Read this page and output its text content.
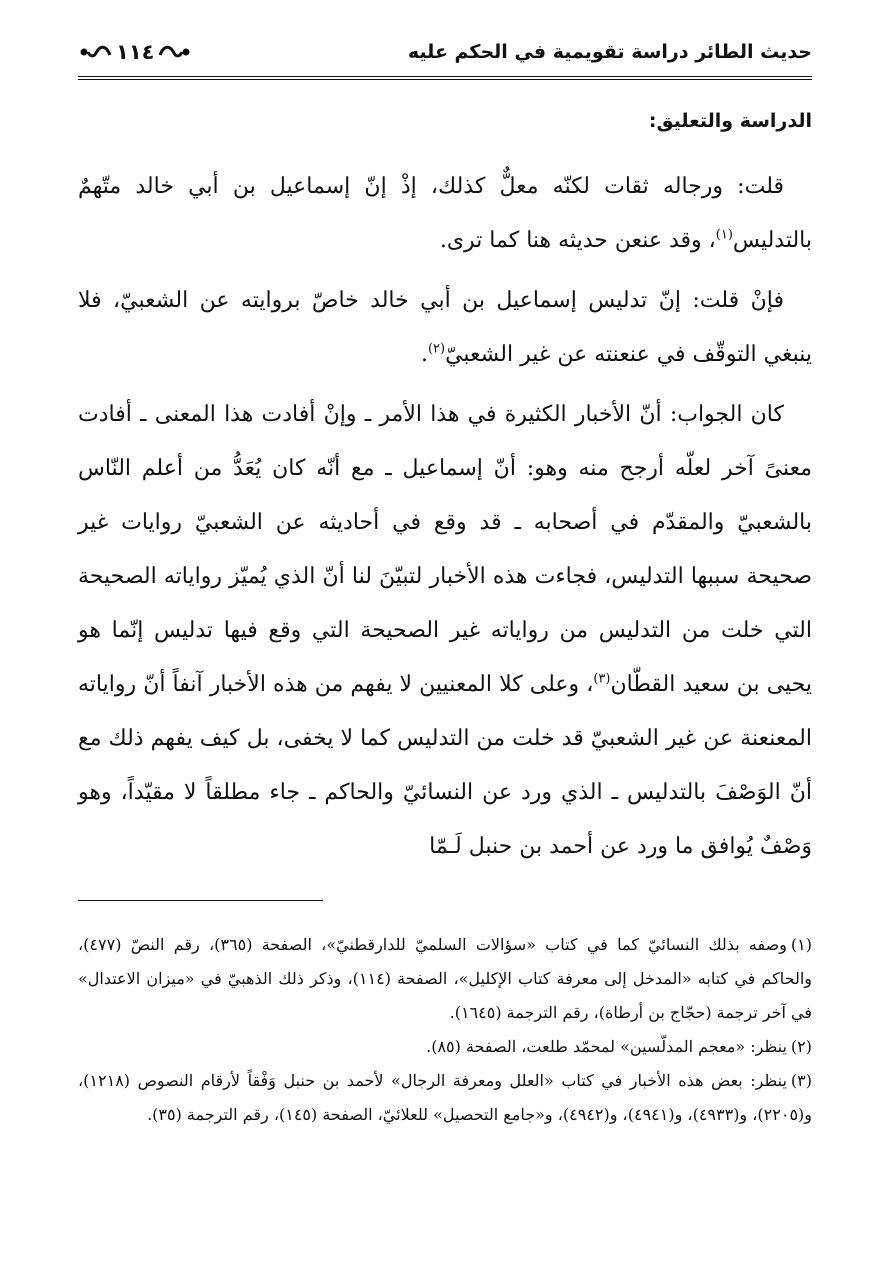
حديث الطائر دراسة تقويمية في الحكم عليه
١١٤
الدراسة والتعليق:

قلت: ورجاله ثقات لكنّه معلٌّ كذلك، إذْ إنّ إسماعيل بن أبي خالد متّهمٌ بالتدليس$^{(١)}$، وقد عنعن حديثه هنا كما ترى.

فإنْ قلت: إنّ تدليس إسماعيل بن أبي خالد خاصّ بروايته عن الشعبيّ، فلا ينبغي التوقّف في عنعنته عن غير الشعبيّ$^{(٢)}$.

كان الجواب: أنّ الأخبار الكثيرة في هذا الأمر ـ وإنْ أفادت هذا المعنى ـ أفادت معنىً آخر لعلّه أرجح منه وهو: أنّ إسماعيل ـ مع أنّه كان يُعَدُّ من أعلم النّاس بالشعبيّ والمقدّم في أصحابه ـ قد وقع في أحاديثه عن الشعبيّ روايات غير صحيحة سببها التدليس، فجاءت هذه الأخبار لتبيّنَ لنا أنّ الذي يُميّز رواياته الصحيحة التي خلت من التدليس من رواياته غير الصحيحة التي وقع فيها تدليس إنّما هو يحيى بن سعيد القطّان$^{(٣)}$، وعلى كلا المعنيين لا يفهم من هذه الأخبار آنفاً أنّ رواياته المعنعنة عن غير الشعبيّ قد خلت من التدليس كما لا يخفى، بل كيف يفهم ذلك مع أنّ الوَصْفَ بالتدليس ـ الذي ورد عن النسائيّ والحاكم ـ جاء مطلقاً لا مقيّداً، وهو وَصْفٌ يُوافق ما ورد عن أحمد بن حنبل لَـمّا

(١)وصفه بذلك النسائيّ كما في كتاب «سؤالات السلميّ للدارقطنيّ»، الصفحة (٣٦٥)، رقم النصّ (٤٧٧)، والحاكم في كتابه «المدخل إلى معرفة كتاب الإكليل»، الصفحة (١١٤)، وذكر ذلك الذهبيّ في «ميزان الاعتدال» في آخر ترجمة (حجّاج بن أرطاة)، رقم الترجمة (١٦٤٥).

(٢)ينظر: «معجم المدلّسين» لمحمّد طلعت، الصفحة (٨٥).

(٣)ينظر: بعض هذه الأخبار في كتاب «العلل ومعرفة الرجال» لأحمد بن حنبل وَفْقاً لأرقام النصوص (١٢١٨)، و(٢٢٠٥)، و(٤٩٣٣)، و(٤٩٤١)، و(٤٩٤٢)، و«جامع التحصيل» للعلائيّ، الصفحة (١٤٥)، رقم الترجمة (٣٥).
